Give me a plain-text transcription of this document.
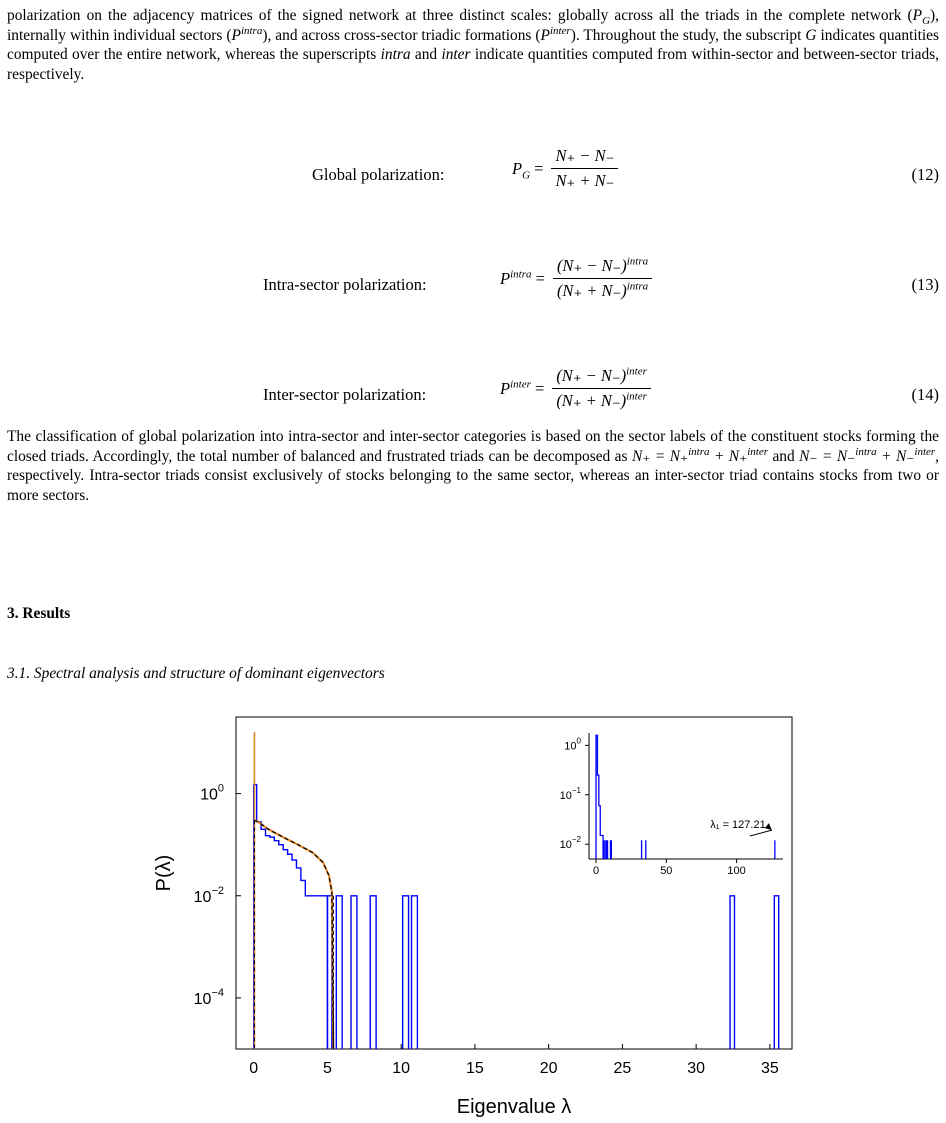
polarization on the adjacency matrices of the signed network at three distinct scales: globally across all the triads in the complete network $(P_G)$, internally within individual sectors $(P^{intra})$, and across cross-sector triadic formations $(P^{inter})$. Throughout the study, the subscript G indicates quantities computed over the entire network, whereas the superscripts intra and inter indicate quantities computed from within-sector and between-sector triads, respectively.

Global polarization:	$P_G = \frac{N_+ - N_-}{N_+ + N_-}$	(12)
Intra-sector polarization:	$P^{intra} = \frac{(N_+ - N_-)^{intra}}{(N_+ + N_-)^{intra}}$	(13)
Inter-sector polarization:	$P^{inter} = \frac{(N_+ - N_-)^{inter}}{(N_+ + N_-)^{inter}}$	(14)

The classification of global polarization into intra-sector and inter-sector categories is based on the sector labels of the constituent stocks forming the closed triads. Accordingly, the total number of balanced and frustrated triads can be decomposed as N₊ = N₊$^{intra}$ + N₊$^{inter}$ and N₋ = N₋$^{intra}$ + N₋$^{inter}$, respectively. Intra-sector triads consist exclusively of stocks belonging to the same sector, whereas an inter-sector triad contains stocks from two or more sectors.

3. Results
3.1. Spectral analysis and structure of dominant eigenvectors
0	5	10	15	20	25	30	35
$10^0$
$10^{-2}$
$10^{-4}$
Eigenvalue λ
P(λ)	0	50	100
$10^0$
$10^{-1}$
$10^{-2}$
λ₁ = 127.21
